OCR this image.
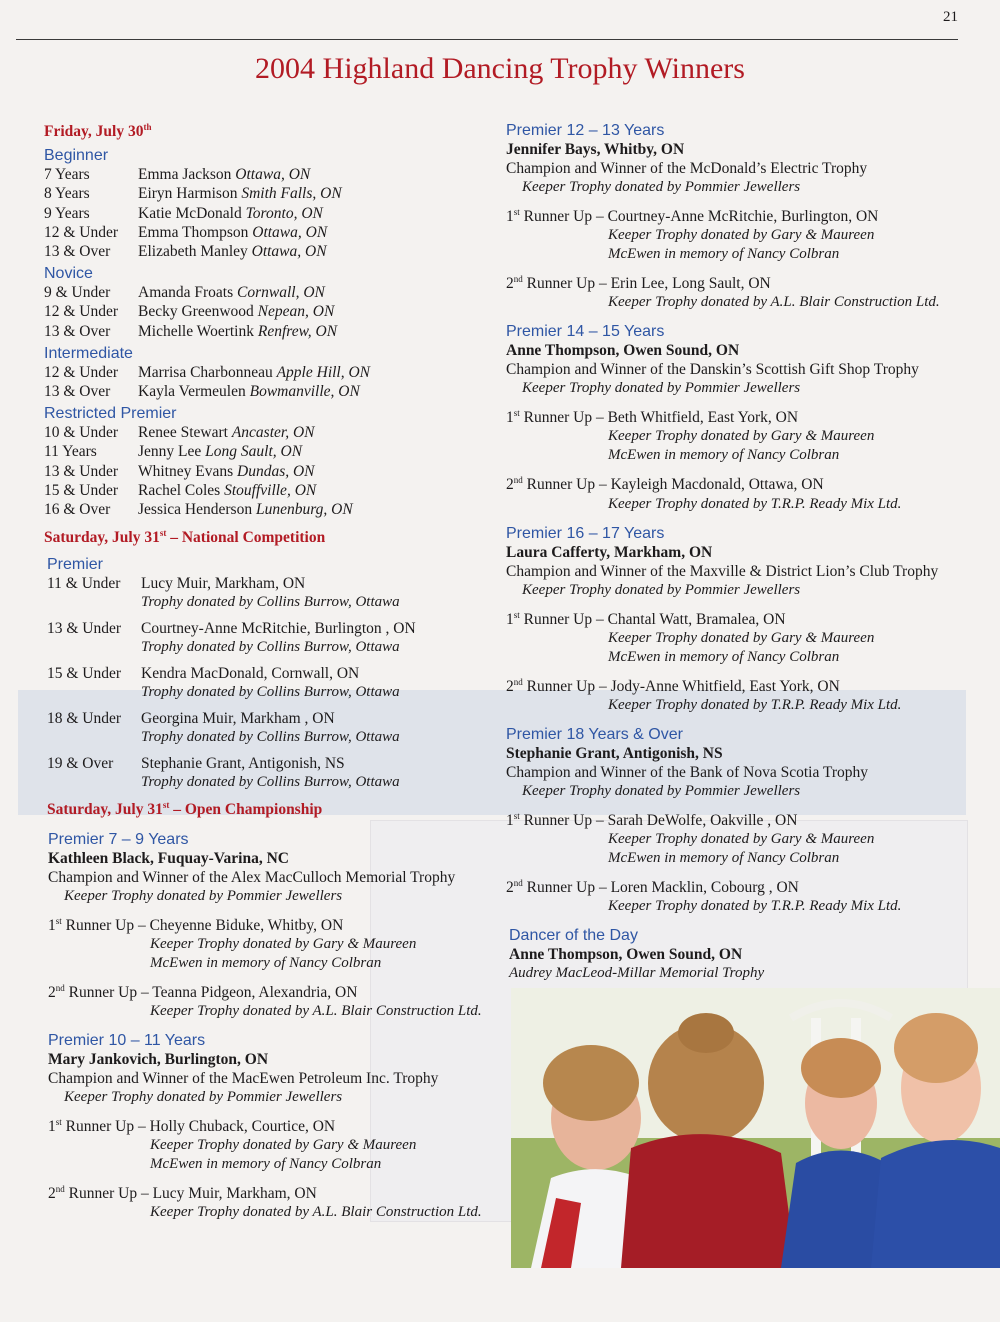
21
2004 Highland Dancing Trophy Winners
Friday, July 30th
Beginner
7 Years	Emma Jackson Ottawa, ON
8 Years	Eiryn Harmison Smith Falls, ON
9 Years	Katie McDonald Toronto, ON
12 & Under Emma Thompson Ottawa, ON
13 & Over Elizabeth Manley Ottawa, ON
Novice
9 & Under Amanda Froats Cornwall, ON
12 & Under Becky Greenwood Nepean, ON
13 & Over Michelle Woertink Renfrew, ON
Intermediate
12 & Under Marrisa Charbonneau Apple Hill, ON
13 & Over Kayla Vermeulen Bowmanville, ON
Restricted Premier
10 & Under Renee Stewart Ancaster, ON
11 Years	Jenny Lee Long Sault, ON
13 & Under Whitney Evans Dundas, ON
15 & Under Rachel Coles Stouffville, ON
16 & Over Jessica Henderson Lunenburg, ON
Saturday, July 31st – National Competition
Premier
11 & Under Lucy Muir, Markham, ON
Trophy donated by Collins Burrow, Ottawa
13 & Under Courtney-Anne McRitchie, Burlington , ON
Trophy donated by Collins Burrow, Ottawa
15 & Under Kendra MacDonald, Cornwall, ON
Trophy donated by Collins Burrow, Ottawa
18 & Under Georgina Muir, Markham , ON
Trophy donated by Collins Burrow, Ottawa
19 & Over Stephanie Grant, Antigonish, NS
Trophy donated by Collins Burrow, Ottawa
Saturday, July 31st – Open Championship
Premier 7 – 9 Years
Kathleen Black, Fuquay-Varina, NC
Champion and Winner of the Alex MacCulloch Memorial Trophy
Keeper Trophy donated by Pommier Jewellers
1st Runner Up – Cheyenne Biduke, Whitby, ON
Keeper Trophy donated by Gary & Maureen
McEwen in memory of Nancy Colbran
2nd Runner Up – Teanna Pidgeon, Alexandria, ON
Keeper Trophy donated by A.L. Blair Construction Ltd.
Premier 10 – 11 Years
Mary Jankovich, Burlington, ON
Champion and Winner of the MacEwen Petroleum Inc. Trophy
Keeper Trophy donated by Pommier Jewellers
1st Runner Up – Holly Chuback, Courtice, ON
Keeper Trophy donated by Gary & Maureen
McEwen in memory of Nancy Colbran
2nd Runner Up – Lucy Muir, Markham, ON
Keeper Trophy donated by A.L. Blair Construction Ltd.
Premier 12 – 13 Years
Jennifer Bays, Whitby, ON
Champion and Winner of the McDonald’s Electric Trophy
Keeper Trophy donated by Pommier Jewellers
1st Runner Up – Courtney-Anne McRitchie, Burlington, ON
Keeper Trophy donated by Gary & Maureen
McEwen in memory of Nancy Colbran
2nd Runner Up – Erin Lee, Long Sault, ON
Keeper Trophy donated by A.L. Blair Construction Ltd.
Premier 14 – 15 Years
Anne Thompson, Owen Sound, ON
Champion and Winner of the Danskin’s Scottish Gift Shop Trophy
Keeper Trophy donated by Pommier Jewellers
1st Runner Up – Beth Whitfield, East York, ON
Keeper Trophy donated by Gary & Maureen
McEwen in memory of Nancy Colbran
2nd Runner Up – Kayleigh Macdonald, Ottawa, ON
Keeper Trophy donated by T.R.P. Ready Mix Ltd.
Premier 16 – 17 Years
Laura Cafferty, Markham, ON
Champion and Winner of the Maxville & District Lion’s Club Trophy
Keeper Trophy donated by Pommier Jewellers
1st Runner Up – Chantal Watt, Bramalea, ON
Keeper Trophy donated by Gary & Maureen
McEwen in memory of Nancy Colbran
2nd Runner Up – Jody-Anne Whitfield, East York, ON
Keeper Trophy donated by T.R.P. Ready Mix Ltd.
Premier 18 Years & Over
Stephanie Grant, Antigonish, NS
Champion and Winner of the Bank of Nova Scotia Trophy
Keeper Trophy donated by Pommier Jewellers
1st Runner Up – Sarah DeWolfe, Oakville , ON
Keeper Trophy donated by Gary & Maureen
McEwen in memory of Nancy Colbran
2nd Runner Up – Loren Macklin, Cobourg , ON
Keeper Trophy donated by T.R.P. Ready Mix Ltd.
Dancer of the Day
Anne Thompson, Owen Sound, ON
Audrey MacLeod-Millar Memorial Trophy
